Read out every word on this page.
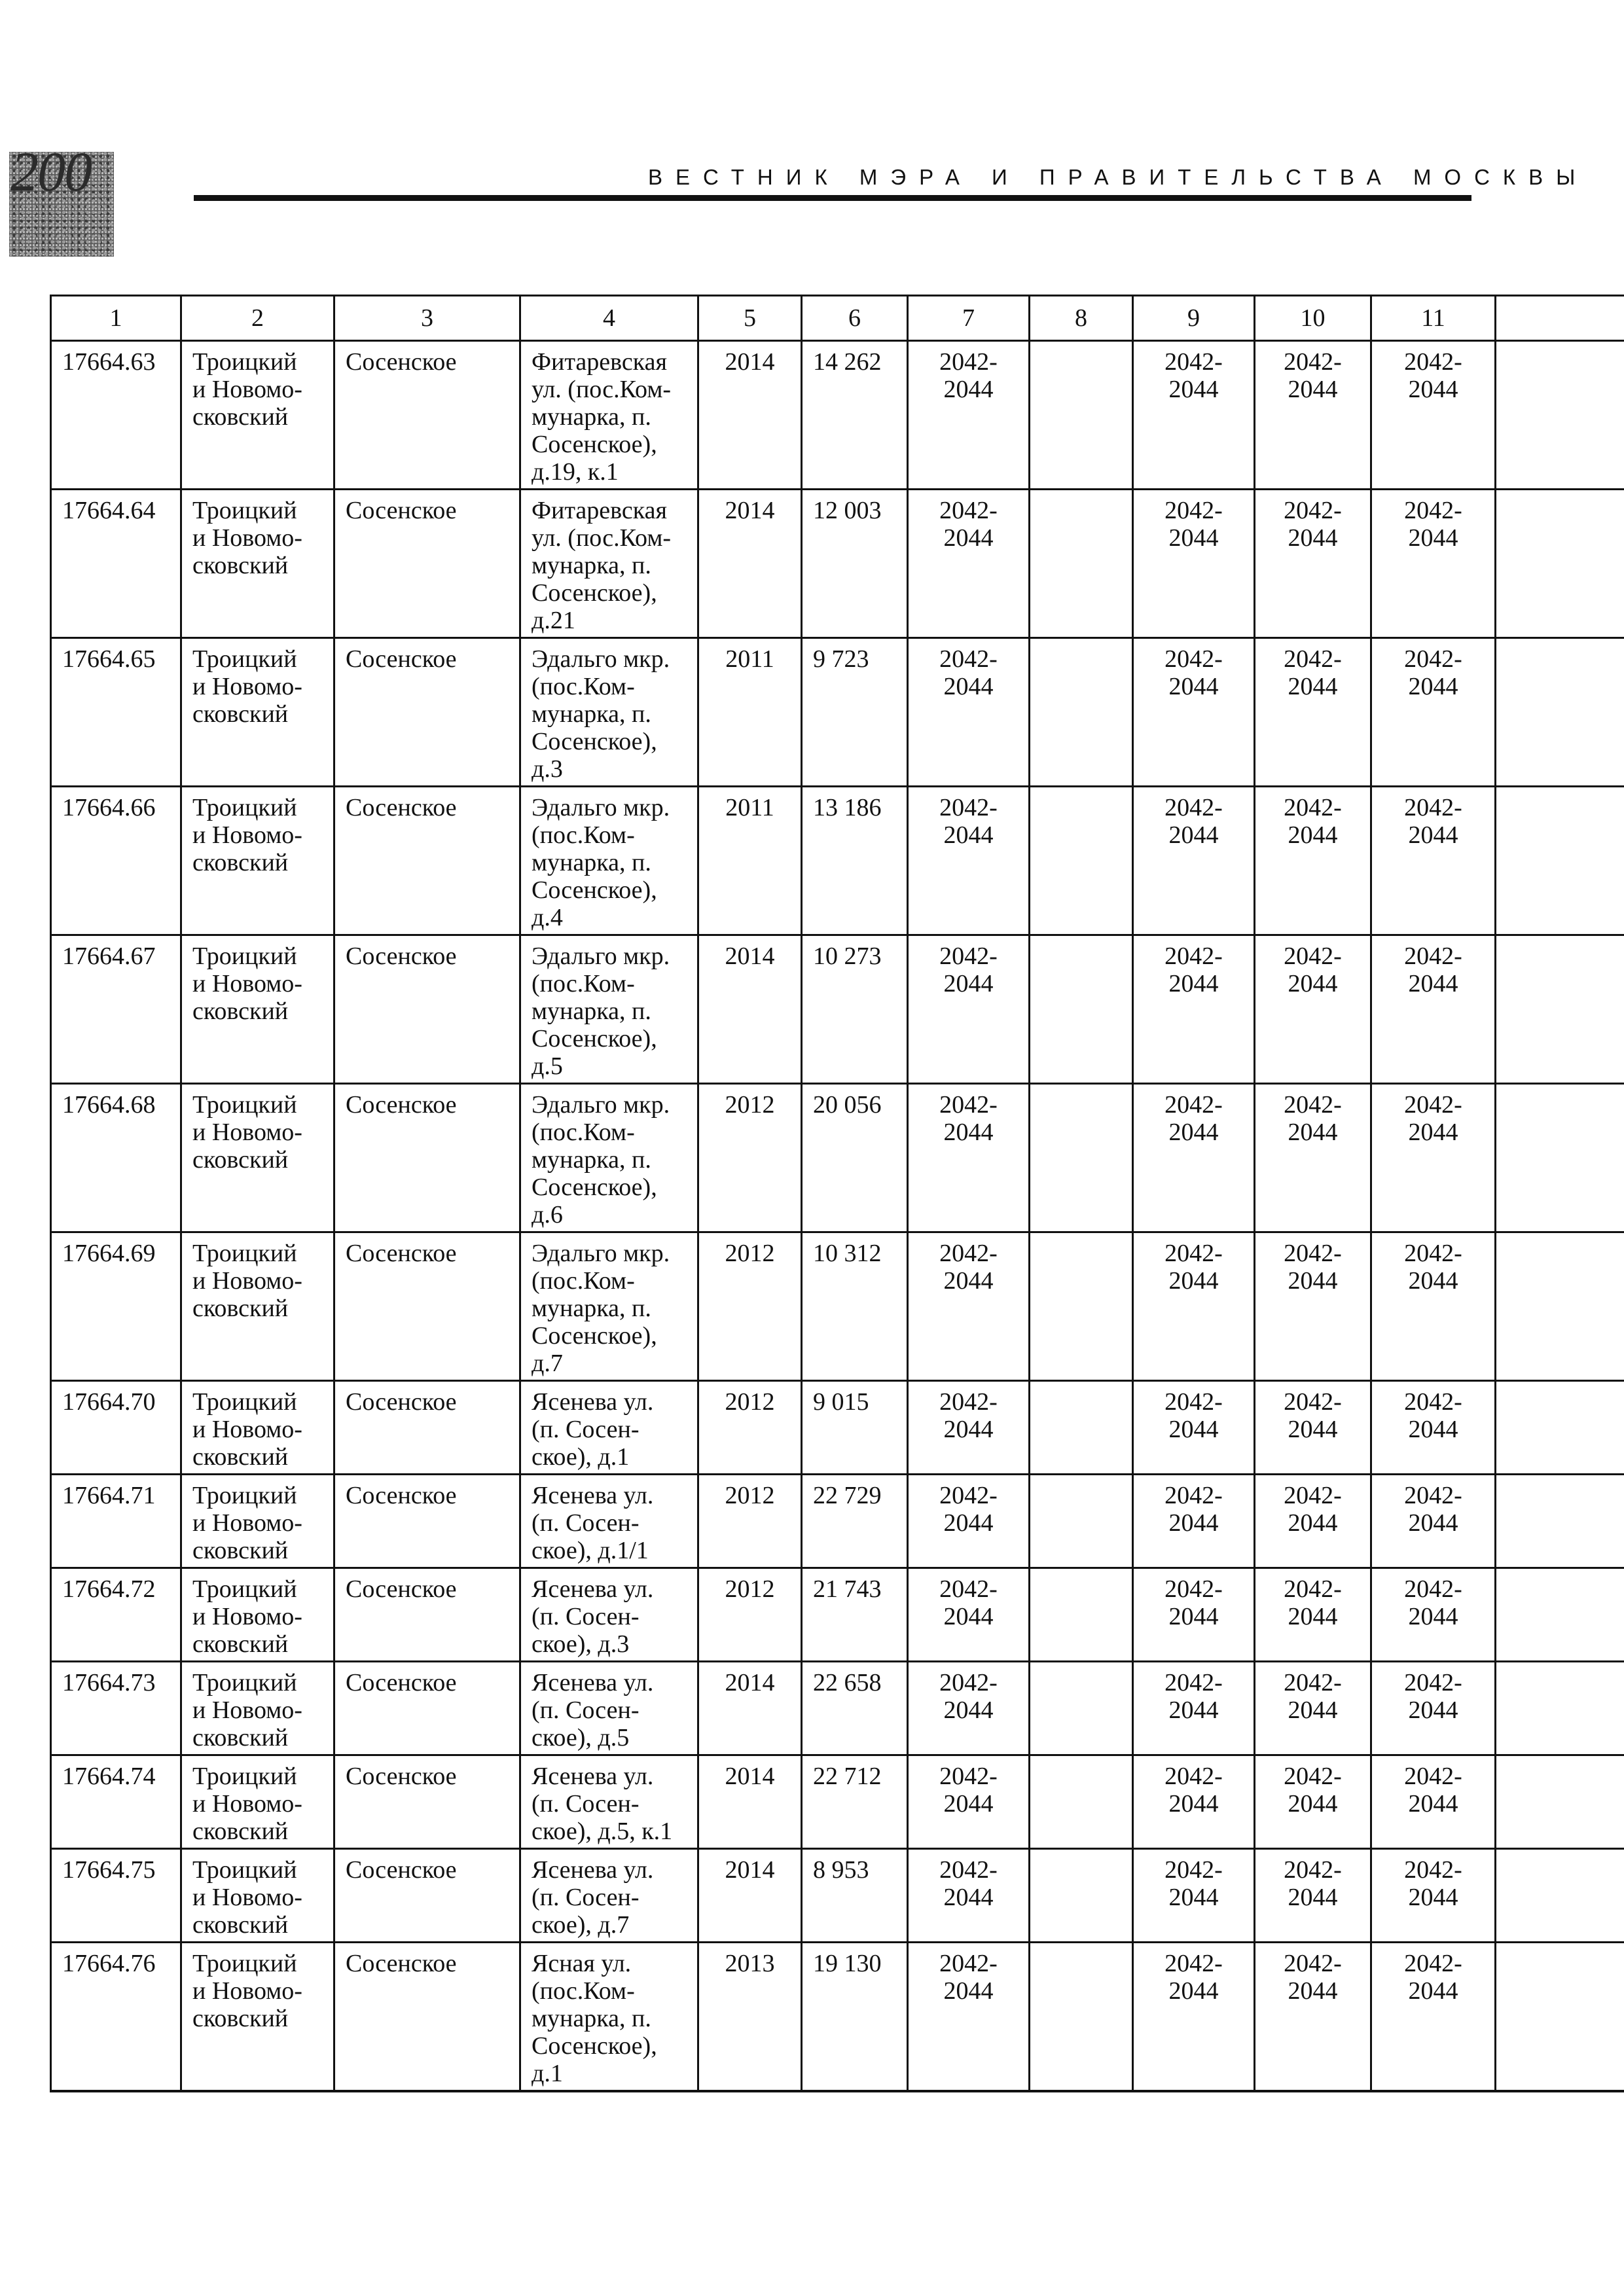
200	ВЕСТНИК МЭРА И ПРАВИТЕЛЬСТВА МОСКВЫ
1	2	3	4	5	6	7	8	9	10	11	
17664.63	Троицкий
и Новомо-
сковский	Сосенское	Фитаревская
ул. (пос.Ком-
мунарка, п.
Сосенское),
д.19, к.1	2014	14 262	2042-
2044		2042-
2044	2042-
2044	2042-
2044	

17664.64	Троицкий
и Новомо-
сковский	Сосенское	Фитаревская
ул. (пос.Ком-
мунарка, п.
Сосенское),
д.21	2014	12 003	2042-
2044		2042-
2044	2042-
2044	2042-
2044	

17664.65	Троицкий
и Новомо-
сковский	Сосенское	Эдальго мкр.
(пос.Ком-
мунарка, п.
Сосенское),
д.3	2011	9 723	2042-
2044		2042-
2044	2042-
2044	2042-
2044	

17664.66	Троицкий
и Новомо-
сковский	Сосенское	Эдальго мкр.
(пос.Ком-
мунарка, п.
Сосенское),
д.4	2011	13 186	2042-
2044		2042-
2044	2042-
2044	2042-
2044	

17664.67	Троицкий
и Новомо-
сковский	Сосенское	Эдальго мкр.
(пос.Ком-
мунарка, п.
Сосенское),
д.5	2014	10 273	2042-
2044		2042-
2044	2042-
2044	2042-
2044	

17664.68	Троицкий
и Новомо-
сковский	Сосенское	Эдальго мкр.
(пос.Ком-
мунарка, п.
Сосенское),
д.6	2012	20 056	2042-
2044		2042-
2044	2042-
2044	2042-
2044	

17664.69	Троицкий
и Новомо-
сковский	Сосенское	Эдальго мкр.
(пос.Ком-
мунарка, п.
Сосенское),
д.7	2012	10 312	2042-
2044		2042-
2044	2042-
2044	2042-
2044	

17664.70	Троицкий
и Новомо-
сковский	Сосенское	Ясенева ул.
(п. Сосен-
ское), д.1	2012	9 015	2042-
2044		2042-
2044	2042-
2044	2042-
2044	

17664.71	Троицкий
и Новомо-
сковский	Сосенское	Ясенева ул.
(п. Сосен-
ское), д.1/1	2012	22 729	2042-
2044		2042-
2044	2042-
2044	2042-
2044	

17664.72	Троицкий
и Новомо-
сковский	Сосенское	Ясенева ул.
(п. Сосен-
ское), д.3	2012	21 743	2042-
2044		2042-
2044	2042-
2044	2042-
2044	

17664.73	Троицкий
и Новомо-
сковский	Сосенское	Ясенева ул.
(п. Сосен-
ское), д.5	2014	22 658	2042-
2044		2042-
2044	2042-
2044	2042-
2044	

17664.74	Троицкий
и Новомо-
сковский	Сосенское	Ясенева ул.
(п. Сосен-
ское), д.5, к.1	2014	22 712	2042-
2044		2042-
2044	2042-
2044	2042-
2044	

17664.75	Троицкий
и Новомо-
сковский	Сосенское	Ясенева ул.
(п. Сосен-
ское), д.7	2014	8 953	2042-
2044		2042-
2044	2042-
2044	2042-
2044	

17664.76	Троицкий
и Новомо-
сковский	Сосенское	Ясная ул.
(пос.Ком-
мунарка, п.
Сосенское),
д.1	2013	19 130	2042-
2044		2042-
2044	2042-
2044	2042-
2044	
